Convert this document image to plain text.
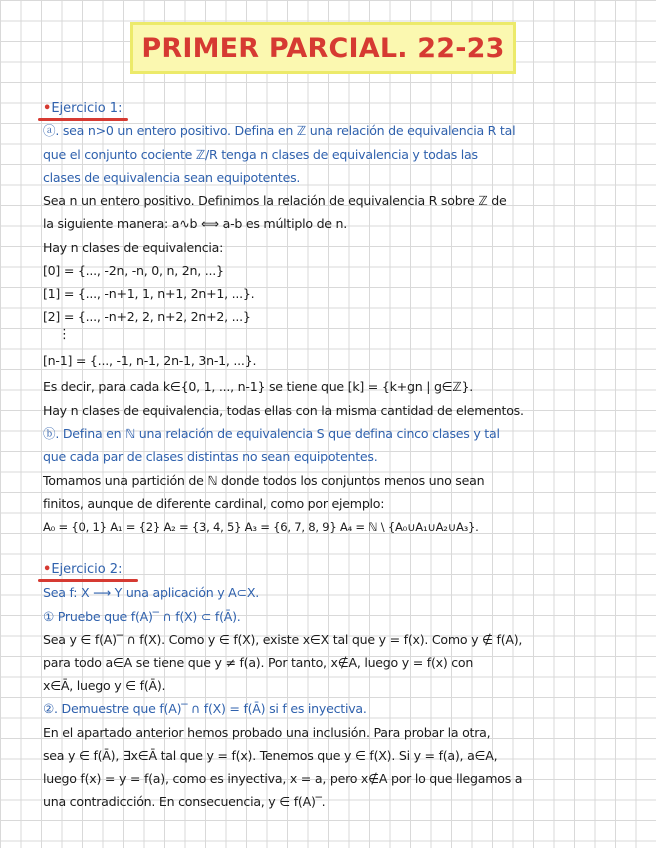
PRIMER PARCIAL. 22-23
•Ejercicio 1:
ⓐ. sea n>0 un entero positivo. Defina en ℤ una relación de equivalencia R tal
que el conjunto cociente ℤ/R tenga n clases de equivalencia y todas las
clases de equivalencia sean equipotentes.
Sea n un entero positivo. Definimos la relación de equivalencia R sobre ℤ de
la siguiente manera: a∿b ⟺ a-b es múltiplo de n.
Hay n clases de equivalencia:
[0] = {..., -2n, -n, 0, n, 2n, ...}
[1] = {..., -n+1, 1, n+1, 2n+1, ...}.
[2] = {..., -n+2, 2, n+2, 2n+2, ...}
⋮
[n-1] = {..., -1, n-1, 2n-1, 3n-1, ...}.
Es decir, para cada k∈{0, 1, ..., n-1} se tiene que [k] = {k+gn | g∈ℤ}.
Hay n clases de equivalencia, todas ellas con la misma cantidad de elementos.
ⓑ. Defina en ℕ una relación de equivalencia S que defina cinco clases y tal
que cada par de clases distintas no sean equipotentes.
Tomamos una partición de ℕ donde todos los conjuntos menos uno sean
finitos, aunque de diferente cardinal, como por ejemplo:
A₀ = {0, 1} A₁ = {2} A₂ = {3, 4, 5} A₃ = {6, 7, 8, 9} A₄ = ℕ \ {A₀∪A₁∪A₂∪A₃}.
•Ejercicio 2:
Sea f: X ⟶ Y una aplicación y A⊂X.
① Pruebe que f(A)‾ ∩ f(X) ⊂ f(Ā).
Sea y ∈ f(A)‾ ∩ f(X). Como y ∈ f(X), existe x∈X tal que y = f(x). Como y ∉ f(A),
para todo a∈A se tiene que y ≠ f(a). Por tanto, x∉A, luego y = f(x) con
x∈Ā, luego y ∈ f(Ā).
②. Demuestre que f(A)‾ ∩ f(X) = f(Ā) si f es inyectiva.
En el apartado anterior hemos probado una inclusión. Para probar la otra,
sea y ∈ f(Ā), ∃x∈Ā tal que y = f(x). Tenemos que y ∈ f(X). Si y = f(a), a∈A,
luego f(x) = y = f(a), como es inyectiva, x = a, pero x∉A por lo que llegamos a
una contradicción. En consecuencia, y ∈ f(A)‾.
